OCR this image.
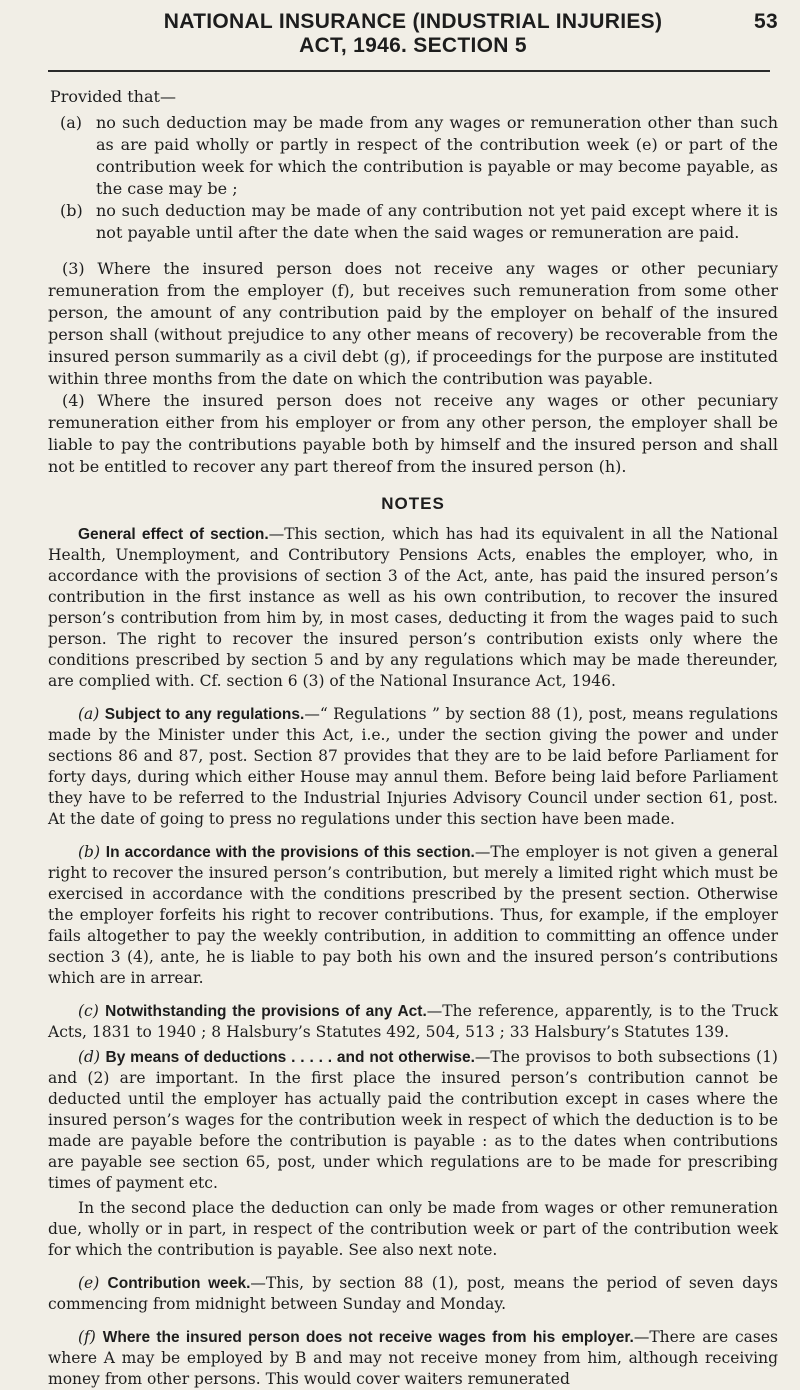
NATIONAL INSURANCE (INDUSTRIAL INJURIES)
ACT, 1946. SECTION 5
53

Provided that—

(a) no such deduction may be made from any wages or remuneration other than such as are paid wholly or partly in respect of the contribution week (e) or part of the contribution week for which the contribution is payable or may become payable, as the case may be ;
(b) no such deduction may be made of any contribution not yet paid except where it is not payable until after the date when the said wages or remuneration are paid.

(3) Where the insured person does not receive any wages or other pecuniary remuneration from the employer (f), but receives such remuneration from some other person, the amount of any contribution paid by the employer on behalf of the insured person shall (without prejudice to any other means of recovery) be recoverable from the insured person summarily as a civil debt (g), if proceedings for the purpose are instituted within three months from the date on which the contribution was payable.

(4) Where the insured person does not receive any wages or other pecuniary remuneration either from his employer or from any other person, the employer shall be liable to pay the contributions payable both by himself and the insured person and shall not be entitled to recover any part thereof from the insured person (h).

NOTES

General effect of section.—This section, which has had its equivalent in all the National Health, Unemployment, and Contributory Pensions Acts, enables the employer, who, in accordance with the provisions of section 3 of the Act, ante, has paid the insured person’s contribution in the first instance as well as his own contribution, to recover the insured person’s contribution from him by, in most cases, deducting it from the wages paid to such person. The right to recover the insured person’s contribution exists only where the conditions prescribed by section 5 and by any regulations which may be made thereunder, are complied with. Cf. section 6 (3) of the National Insurance Act, 1946.

(a) Subject to any regulations.—“ Regulations ” by section 88 (1), post, means regulations made by the Minister under this Act, i.e., under the section giving the power and under sections 86 and 87, post. Section 87 provides that they are to be laid before Parliament for forty days, during which either House may annul them. Before being laid before Parliament they have to be referred to the Industrial Injuries Advisory Council under section 61, post. At the date of going to press no regulations under this section have been made.

(b) In accordance with the provisions of this section.—The employer is not given a general right to recover the insured person’s contribution, but merely a limited right which must be exercised in accordance with the conditions prescribed by the present section. Otherwise the employer forfeits his right to recover contributions. Thus, for example, if the employer fails altogether to pay the weekly contribution, in addition to committing an offence under section 3 (4), ante, he is liable to pay both his own and the insured person’s contributions which are in arrear.

(c) Notwithstanding the provisions of any Act.—The reference, apparently, is to the Truck Acts, 1831 to 1940 ; 8 Halsbury’s Statutes 492, 504, 513 ; 33 Halsbury’s Statutes 139.

(d) By means of deductions . . . . . and not otherwise.—The provisos to both subsections (1) and (2) are important. In the first place the insured person’s contribution cannot be deducted until the employer has actually paid the contribution except in cases where the insured person’s wages for the contribution week in respect of which the deduction is to be made are payable before the contribution is payable : as to the dates when contributions are payable see section 65, post, under which regulations are to be made for prescribing times of payment etc.

In the second place the deduction can only be made from wages or other remuneration due, wholly or in part, in respect of the contribution week or part of the contribution week for which the contribution is payable. See also next note.

(e) Contribution week.—This, by section 88 (1), post, means the period of seven days commencing from midnight between Sunday and Monday.

(f) Where the insured person does not receive wages from his employer.—There are cases where A may be employed by B and may not receive money from him, although receiving money from other persons. This would cover waiters remunerated
